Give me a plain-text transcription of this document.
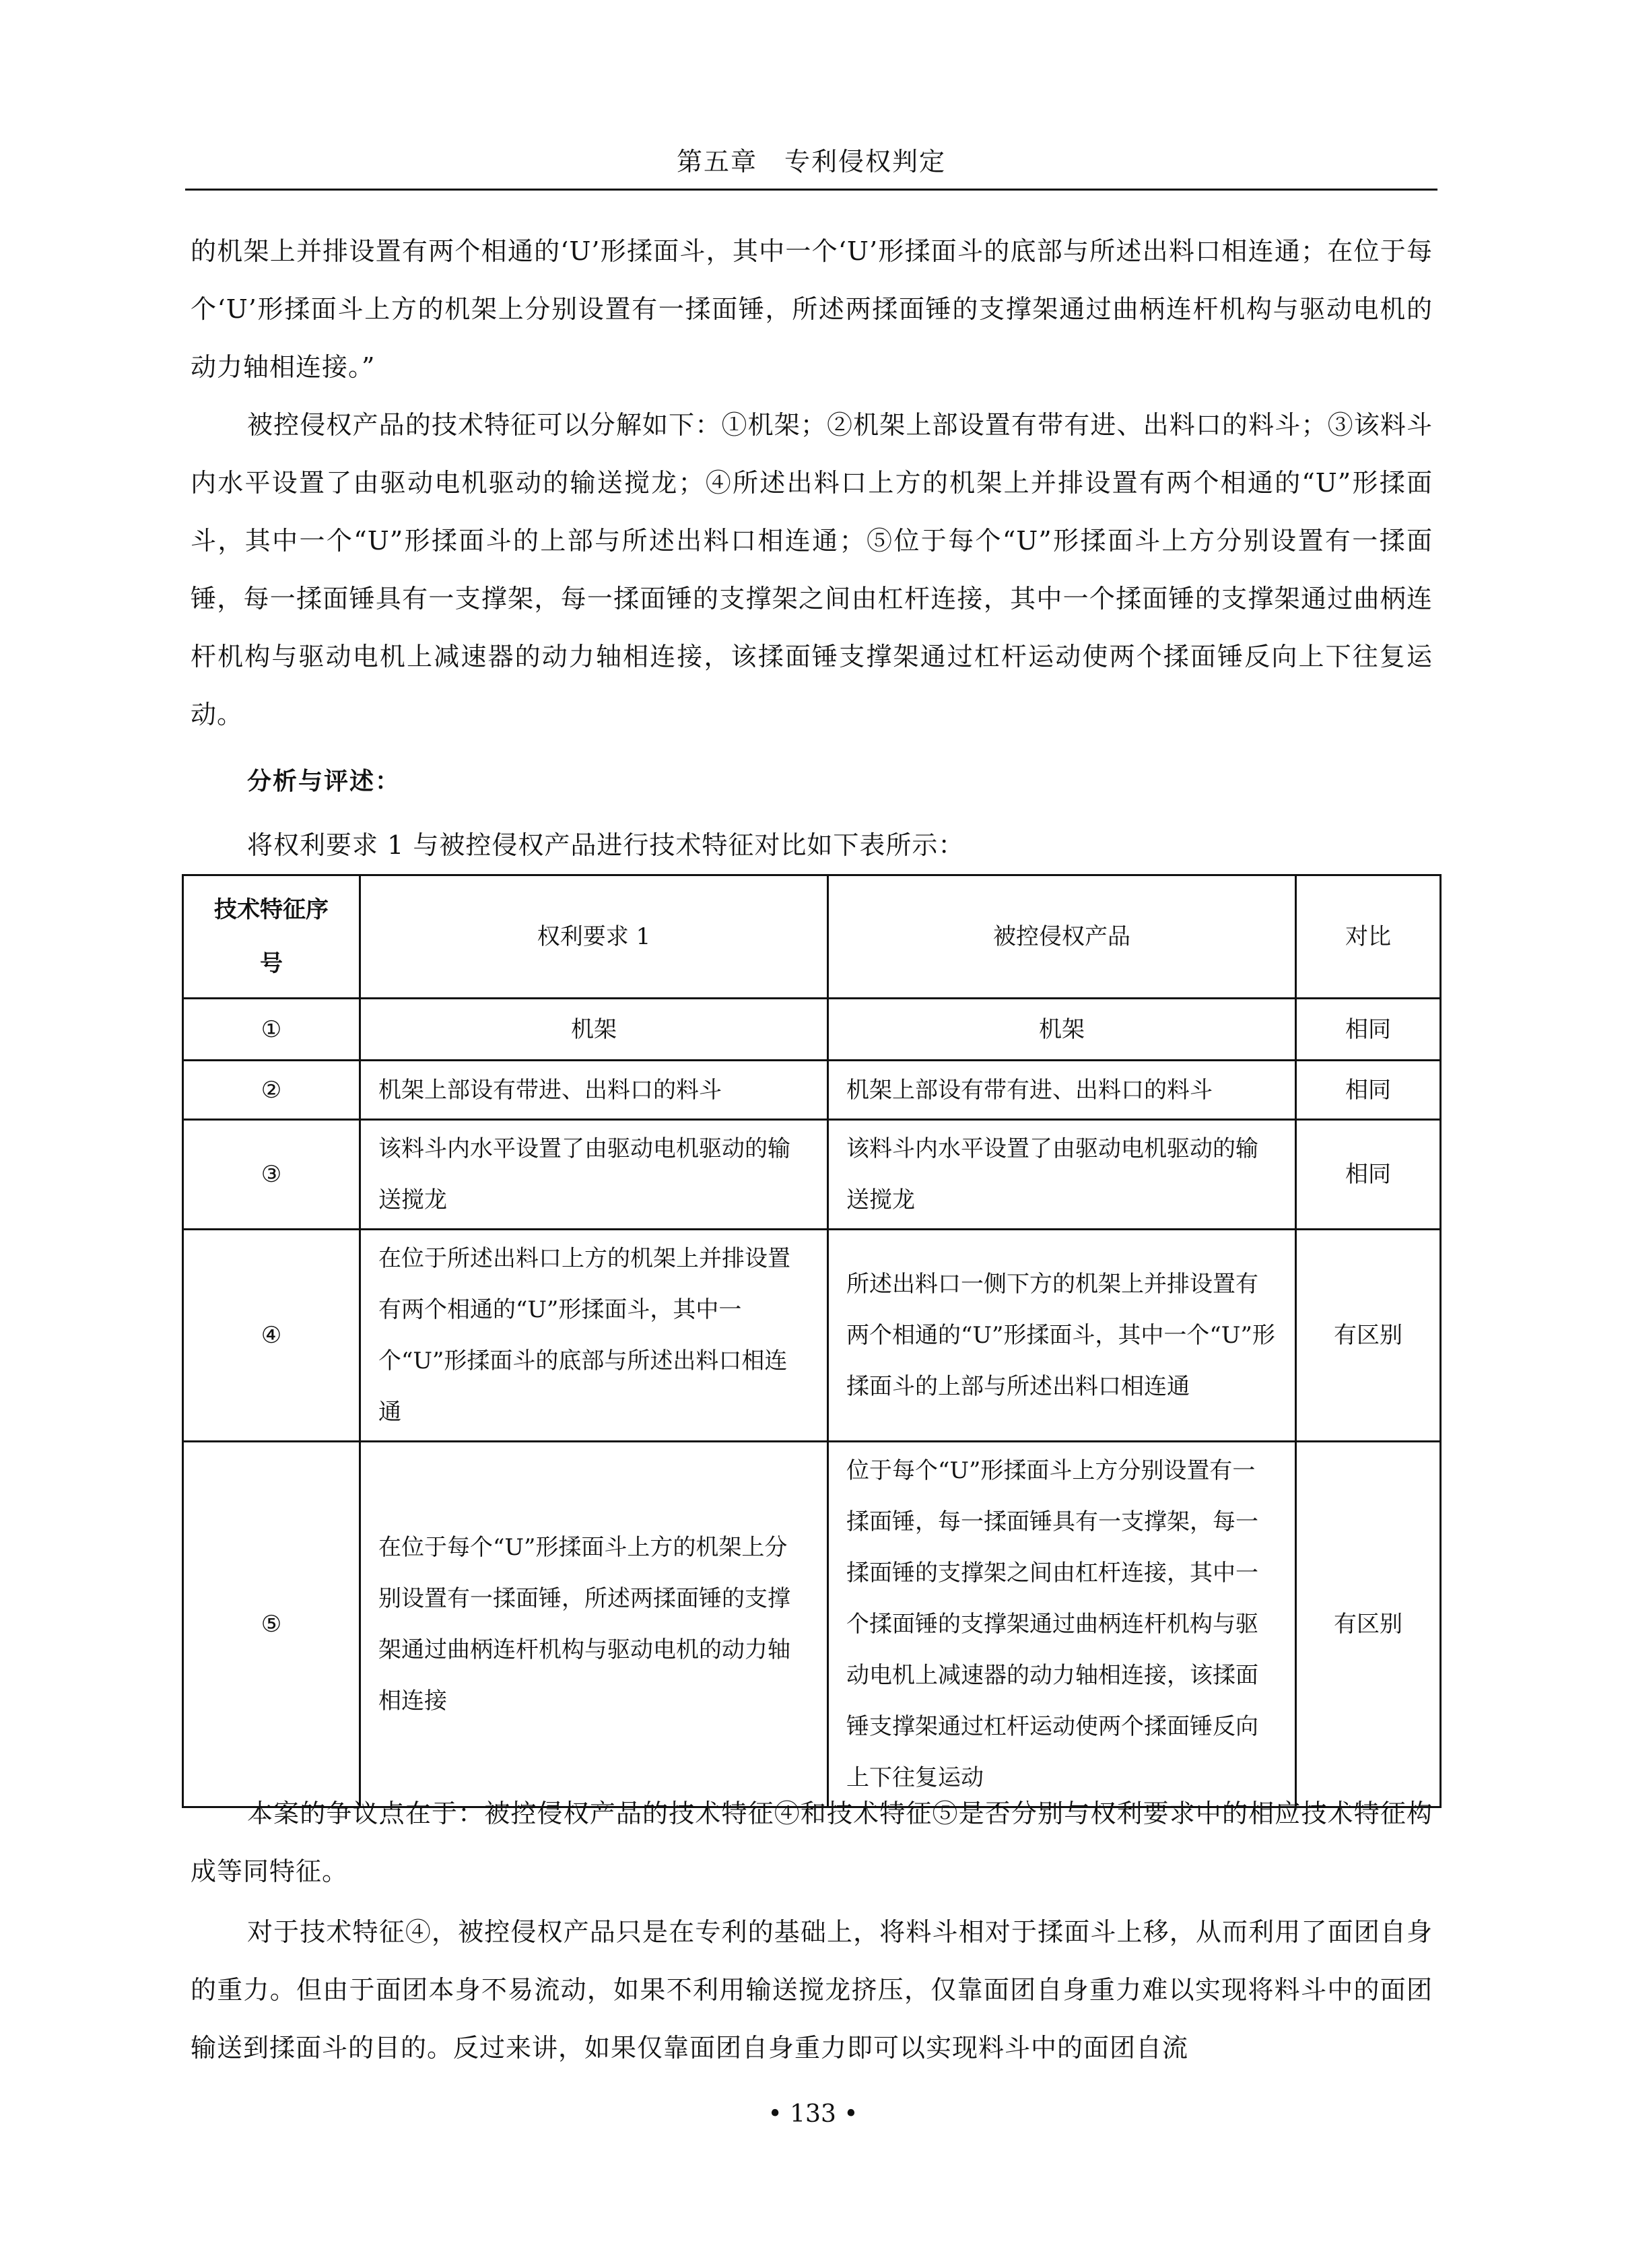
第五章　专利侵权判定
的机架上并排设置有两个相通的‘U’形揉面斗，其中一个‘U’形揉面斗的底部与所述出料口相连通；在位于每个‘U’形揉面斗上方的机架上分别设置有一揉面锤，所述两揉面锤的支撑架通过曲柄连杆机构与驱动电机的动力轴相连接。”
被控侵权产品的技术特征可以分解如下：①机架；②机架上部设置有带有进、出料口的料斗；③该料斗内水平设置了由驱动电机驱动的输送搅龙；④所述出料口上方的机架上并排设置有两个相通的“U”形揉面斗，其中一个“U”形揉面斗的上部与所述出料口相连通；⑤位于每个“U”形揉面斗上方分别设置有一揉面锤，每一揉面锤具有一支撑架，每一揉面锤的支撑架之间由杠杆连接，其中一个揉面锤的支撑架通过曲柄连杆机构与驱动电机上减速器的动力轴相连接，该揉面锤支撑架通过杠杆运动使两个揉面锤反向上下往复运动。
分析与评述：
将权利要求 1 与被控侵权产品进行技术特征对比如下表所示：
技术特征序号	权利要求 1	被控侵权产品	对比
①	机架	机架	相同
②	机架上部设有带进、出料口的料斗	机架上部设有带有进、出料口的料斗	相同
③	该料斗内水平设置了由驱动电机驱动的输送搅龙	该料斗内水平设置了由驱动电机驱动的输送搅龙	相同
④	在位于所述出料口上方的机架上并排设置有两个相通的“U”形揉面斗，其中一个“U”形揉面斗的底部与所述出料口相连通	所述出料口一侧下方的机架上并排设置有两个相通的“U”形揉面斗，其中一个“U”形揉面斗的上部与所述出料口相连通	有区别
⑤	在位于每个“U”形揉面斗上方的机架上分别设置有一揉面锤，所述两揉面锤的支撑架通过曲柄连杆机构与驱动电机的动力轴相连接	位于每个“U”形揉面斗上方分别设置有一揉面锤，每一揉面锤具有一支撑架，每一揉面锤的支撑架之间由杠杆连接，其中一个揉面锤的支撑架通过曲柄连杆机构与驱动电机上减速器的动力轴相连接，该揉面锤支撑架通过杠杆运动使两个揉面锤反向上下往复运动	有区别
本案的争议点在于：被控侵权产品的技术特征④和技术特征⑤是否分别与权利要求中的相应技术特征构成等同特征。
对于技术特征④，被控侵权产品只是在专利的基础上，将料斗相对于揉面斗上移，从而利用了面团自身的重力。但由于面团本身不易流动，如果不利用输送搅龙挤压，仅靠面团自身重力难以实现将料斗中的面团输送到揉面斗的目的。反过来讲，如果仅靠面团自身重力即可以实现料斗中的面团自流
• 133 •
